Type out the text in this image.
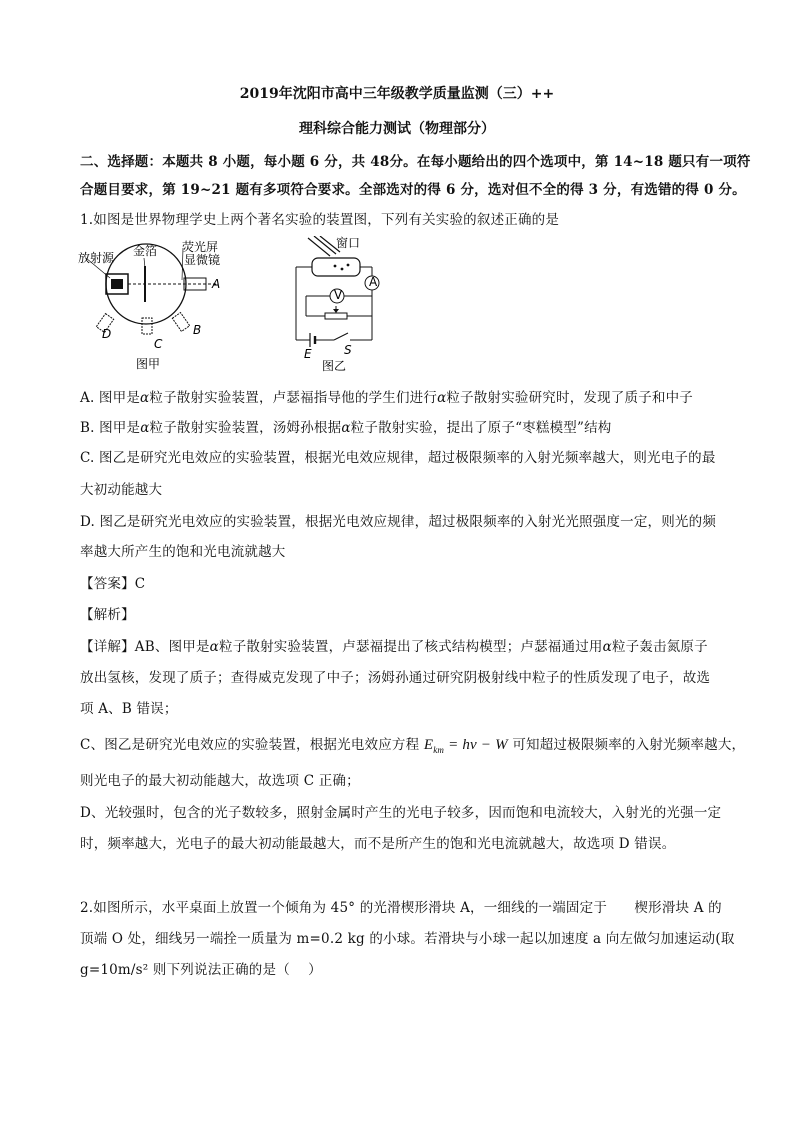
2019年沈阳市高中三年级教学质量监测（三）++
理科综合能力测试（物理部分）
二、选择题：本题共 8 小题，每小题 6 分，共 48分。在每小题给出的四个选项中，第 14~18 题只有一项符
合题目要求，第 19~21 题有多项符合要求。全部选对的得 6 分，选对但不全的得 3 分，有选错的得 0 分。
1.如图是世界物理学史上两个著名实验的装置图，下列有关实验的叙述正确的是
放射源 金箔 荧光屏
显微镜
A
B
C
D
图甲
A
V
E	S
窗口
图乙
A. 图甲是α粒子散射实验装置，卢瑟福指导他的学生们进行α粒子散射实验研究时，发现了质子和中子
B. 图甲是α粒子散射实验装置，汤姆孙根据α粒子散射实验，提出了原子“枣糕模型”结构
C. 图乙是研究光电效应的实验装置，根据光电效应规律，超过极限频率的入射光频率越大，则光电子的最
大初动能越大
D. 图乙是研究光电效应的实验装置，根据光电效应规律，超过极限频率的入射光光照强度一定，则光的频
率越大所产生的饱和光电流就越大
【答案】C
【解析】
【详解】AB、图甲是α粒子散射实验装置，卢瑟福提出了核式结构模型；卢瑟福通过用α粒子轰击氮原子
放出氢核，发现了质子；查得威克发现了中子；汤姆孙通过研究阴极射线中粒子的性质发现了电子，故选
项 A、B 错误；
C、图乙是研究光电效应的实验装置，根据光电效应方程 $E_{km} = h\nu - W$ 可知超过极限频率的入射光频率越大，
则光电子的最大初动能越大，故选项 C 正确；
D、光较强时，包含的光子数较多，照射金属时产生的光电子较多，因而饱和电流较大，入射光的光强一定
时，频率越大，光电子的最大初动能最越大，而不是所产生的饱和光电流就越大，故选项 D 错误。
2.如图所示，水平桌面上放置一个倾角为 45° 的光滑楔形滑块 A，一细线的一端固定于　　楔形滑块 A 的
顶端 O 处，细线另一端拴一质量为 m=0.2 kg 的小球。若滑块与小球一起以加速度 a 向左做匀加速运动(取
g=10m/s² 则下列说法正确的是（　 ）
